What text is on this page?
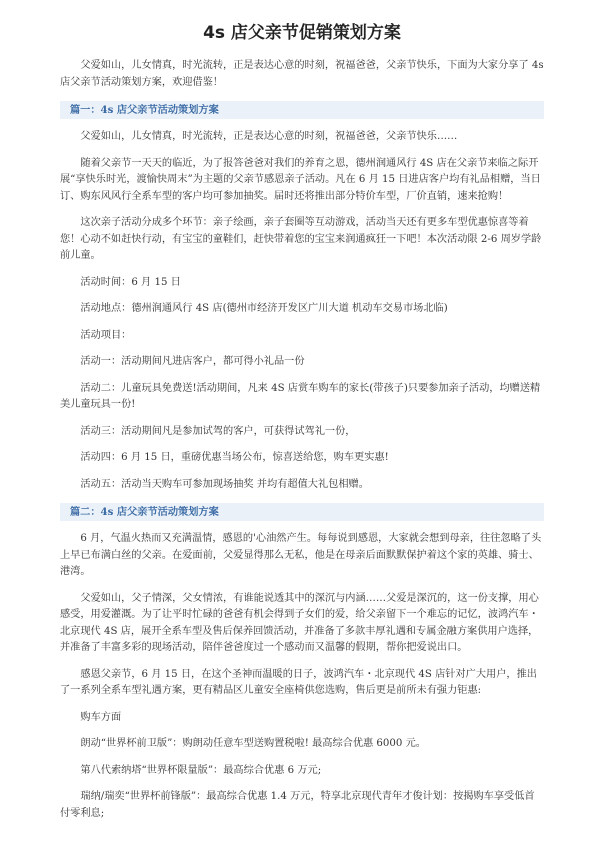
4s 店父亲节促销策划方案

父爱如山，儿女情真，时光流转，正是表达心意的时刻，祝福爸爸，父亲节快乐，下面为大家分享了 4s 店父亲节活动策划方案，欢迎借鉴！

篇一：4s 店父亲节活动策划方案

父爱如山，儿女情真，时光流转，正是表达心意的时刻，祝福爸爸，父亲节快乐……

随着父亲节一天天的临近，为了报答爸爸对我们的养育之恩，德州润通风行 4S 店在父亲节来临之际开展“享快乐时光，渡愉快周末”为主题的父亲节感恩亲子活动。凡在 6 月 15 日进店客户均有礼品相赠，当日订、购东风风行全系车型的客户均可参加抽奖。届时还将推出部分特价车型，厂价直销，速来抢购！

这次亲子活动分成多个环节：亲子绘画，亲子套圈等互动游戏，活动当天还有更多车型优惠惊喜等着您！心动不如赶快行动，有宝宝的童鞋们，赶快带着您的宝宝来润通疯狂一下吧！本次活动限 2-6 周岁学龄前儿童。

活动时间：6 月 15 日

活动地点：德州润通风行 4S 店(德州市经济开发区广川大道 机动车交易市场北临)

活动项目：

活动一：活动期间凡进店客户，都可得小礼品一份

活动二：儿童玩具免费送!活动期间，凡来 4S 店赏车购车的家长(带孩子)只要参加亲子活动，均赠送精美儿童玩具一份!

活动三：活动期间凡是参加试驾的客户，可获得试驾礼一份，

活动四：6 月 15 日，重磅优惠当场公布，惊喜送给您，购车更实惠!

活动五：活动当天购车可参加现场抽奖 并均有超值大礼包相赠。

篇二：4s 店父亲节活动策划方案

6 月，气温火热而又充满温情，感恩的'心油然产生。每每说到感恩，大家就会想到母亲，往往忽略了头上早已布满白丝的父亲。在爱面前，父爱显得那么无私，他是在母亲后面默默保护着这个家的英雄、骑士、港湾。

父爱如山，父子情深，父女情浓，有谁能说透其中的深沉与内涵……父爱是深沉的，这一份支撑，用心感受，用爱灌溉。为了让平时忙碌的爸爸有机会得到子女们的爱，给父亲留下一个难忘的记忆，波鸿汽车・北京现代 4S 店，展开全系车型及售后保养回馈活动，并准备了多款丰厚礼遇和专属金融方案供用户选择，并准备了丰富多彩的现场活动，陪伴爸爸度过一个感动而又温馨的假期，帮你把爱说出口。

感恩父亲节，6 月 15 日，在这个圣神而温暖的日子，波鸿汽车・北京现代 4S 店针对广大用户，推出了一系列全系车型礼遇方案，更有精品区儿童安全座椅供您选购，售后更是前所未有强力钜惠:

购车方面

朗动“世界杯前卫版”：购朗动任意车型送购置税啦! 最高综合优惠 6000 元。

第八代索纳塔“世界杯限量版”：最高综合优惠 6 万元;

瑞纳/瑞奕“世界杯前锋版”：最高综合优惠 1.4 万元，特享北京现代青年才俊计划：按揭购车享受低首付零利息;
